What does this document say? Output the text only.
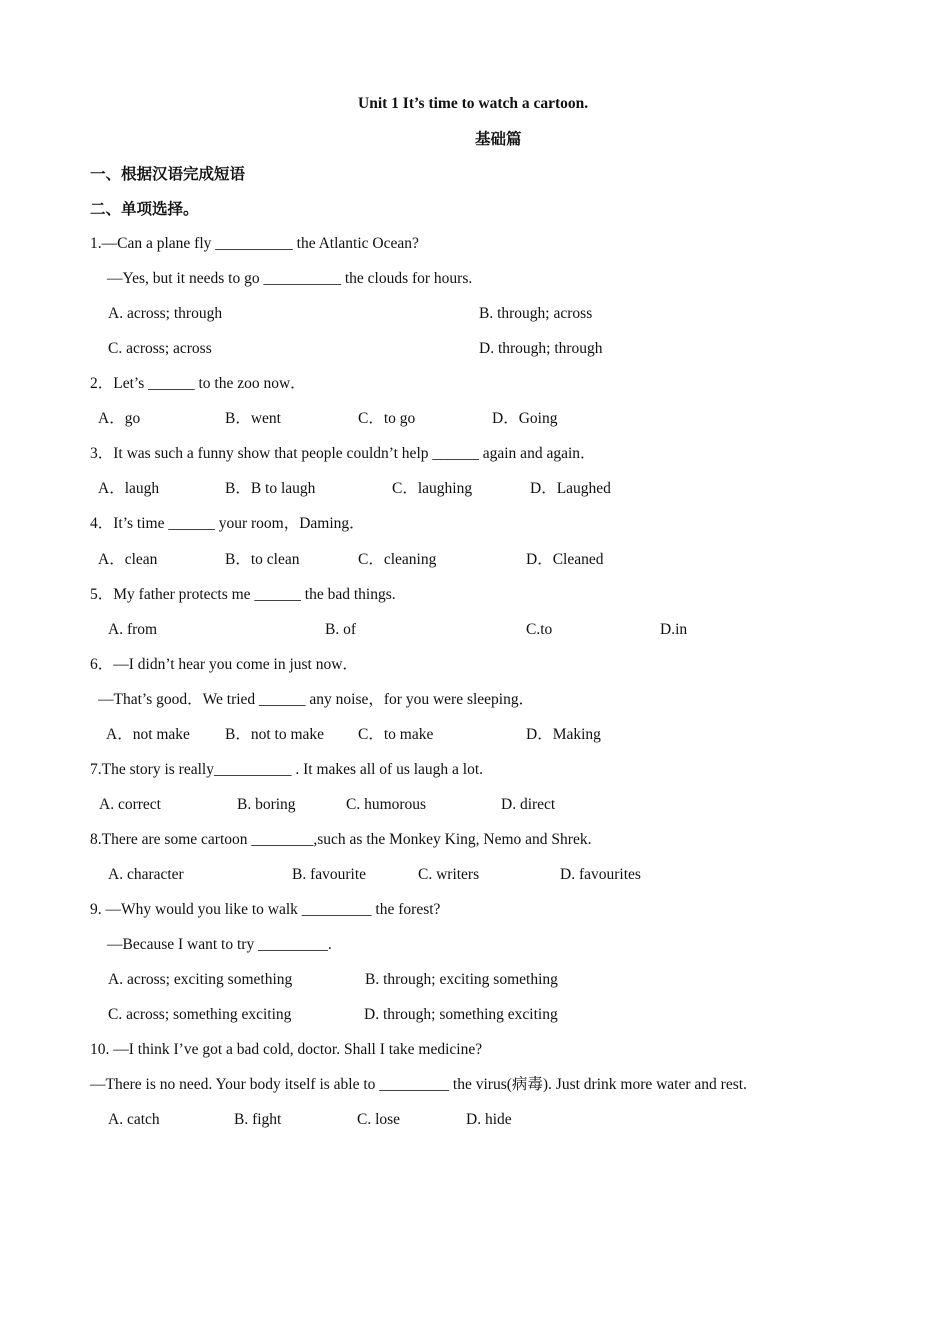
Unit 1 It’s time to watch a cartoon.
基础篇
一、根据汉语完成短语
二、单项选择。
1.—Can a plane fly __________ the Atlantic Ocean?
—Yes, but it needs to go __________ the clouds for hours.
A. across; through	B. through; across
C. across; across	D. through; through
2．Let’s ______ to the zoo now．
A．go	B．went	C．to go	D．Going
3．It was such a funny show that people couldn’t help ______ again and again．
A．laugh	B．B to laugh	C．laughing	D．Laughed
4．It’s time ______ your room，Daming．
A．clean	B．to clean	C．cleaning	D．Cleaned
5．My father protects me ______ the bad things.
A. from	B. of	C.to	D.in
6．—I didn’t hear you come in just now．
—That’s good．We tried ______ any noise，for you were sleeping．
A．not make B．not to make C．to make	D．Making
7.The story is really__________ . It makes all of us laugh a lot.
A. correct	B. boring	C. humorous	D. direct
8.There are some cartoon ________,such as the Monkey King, Nemo and Shrek.
A. character	B. favourite	C. writers	D. favourites
9. —Why would you like to walk _________ the forest?
—Because I want to try _________.
A. across; exciting something	B. through; exciting something
C. across; something exciting	D. through; something exciting
10. —I think I’ve got a bad cold, doctor. Shall I take medicine?
—There is no need. Your body itself is able to _________ the virus(病毒). Just drink more water and rest.
A. catch	B. fight	C. lose	D. hide
